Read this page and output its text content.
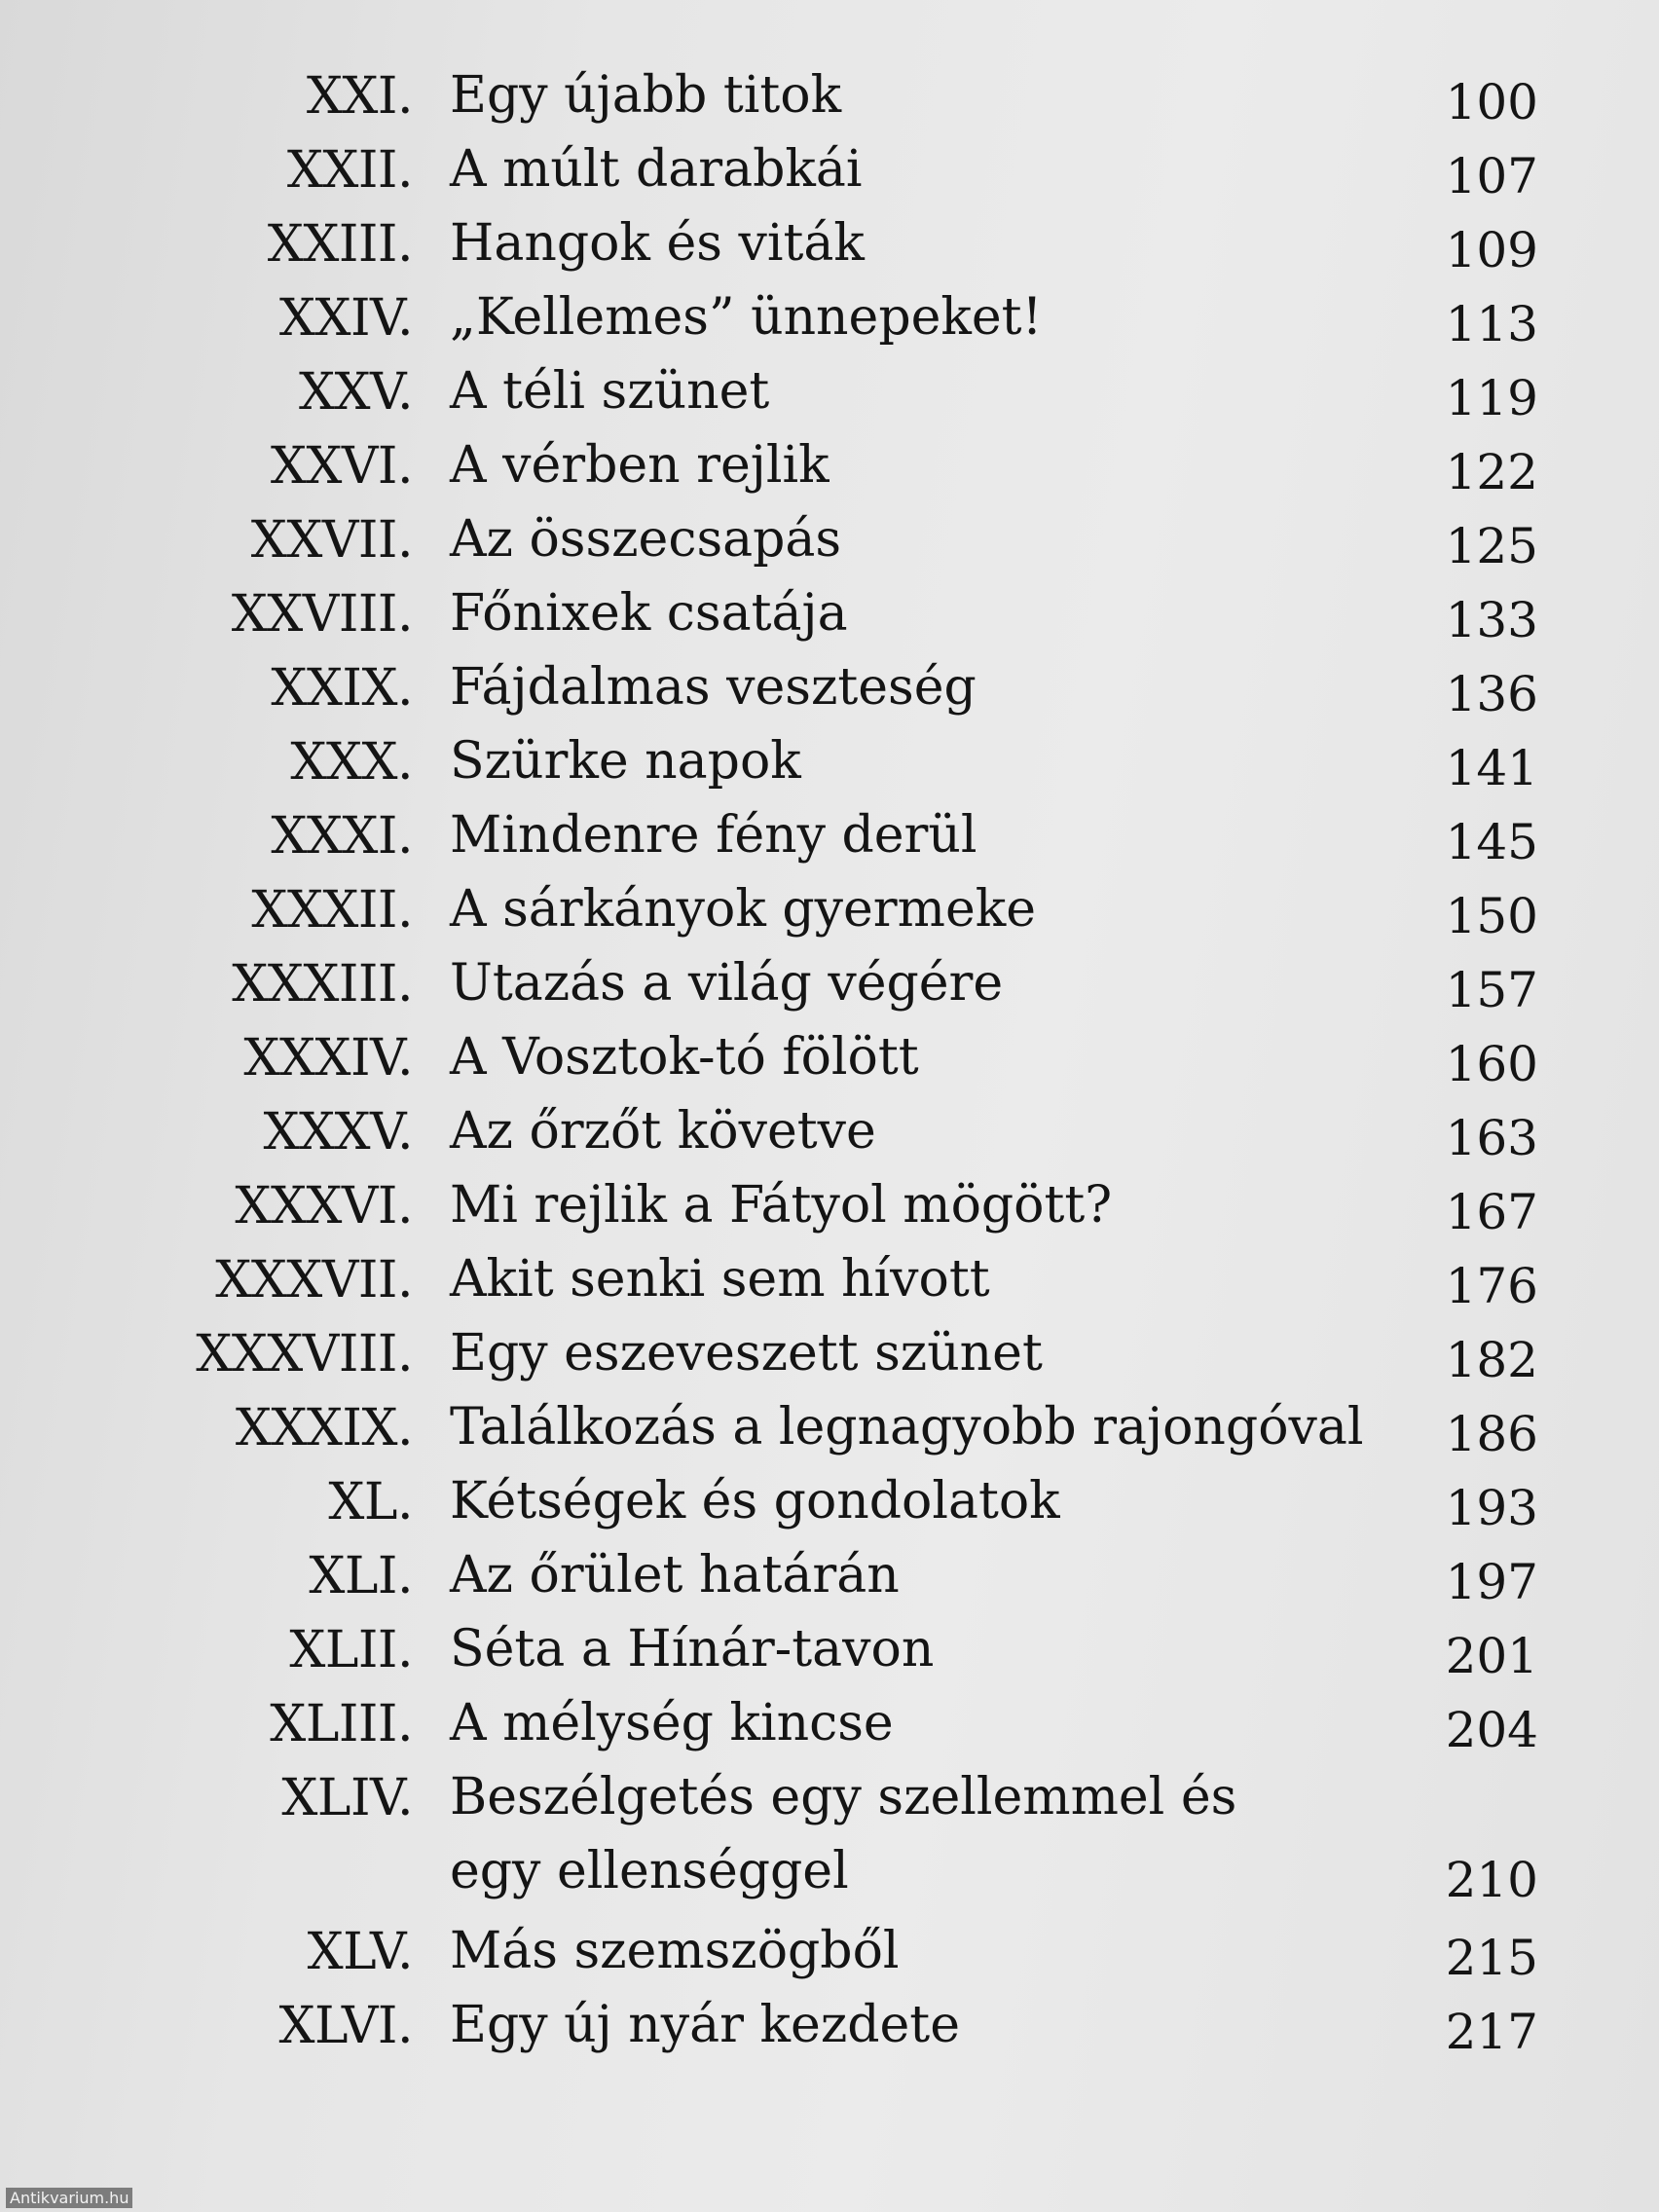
XXI. Egy újabb titok	100
XXII. A múlt darabkái	107
XXIII. Hangok és viták	109
XXIV. „Kellemes” ünnepeket!	113
XXV. A téli szünet	119
XXVI. A vérben rejlik	122
XXVII. Az összecsapás	125
XXVIII. Főnixek csatája	133
XXIX. Fájdalmas veszteség	136
XXX. Szürke napok	141
XXXI. Mindenre fény derül	145
XXXII. A sárkányok gyermeke	150
XXXIII. Utazás a világ végére	157
XXXIV. A Vosztok-tó fölött	160
XXXV. Az őrzőt követve	163
XXXVI. Mi rejlik a Fátyol mögött?	167
XXXVII. Akit senki sem hívott	176
XXXVIII. Egy eszeveszett szünet	182
XXXIX. Találkozás a legnagyobb rajongóval	186
XL. Kétségek és gondolatok	193
XLI. Az őrület határán	197
XLII. Séta a Hínár-tavon	201
XLIII. A mélység kincse	204
XLIV. Beszélgetés egy szellemmel és egy ellenséggel	210
XLV. Más szemszögből	215
XLVI. Egy új nyár kezdete	217
Antikvarium.hu
